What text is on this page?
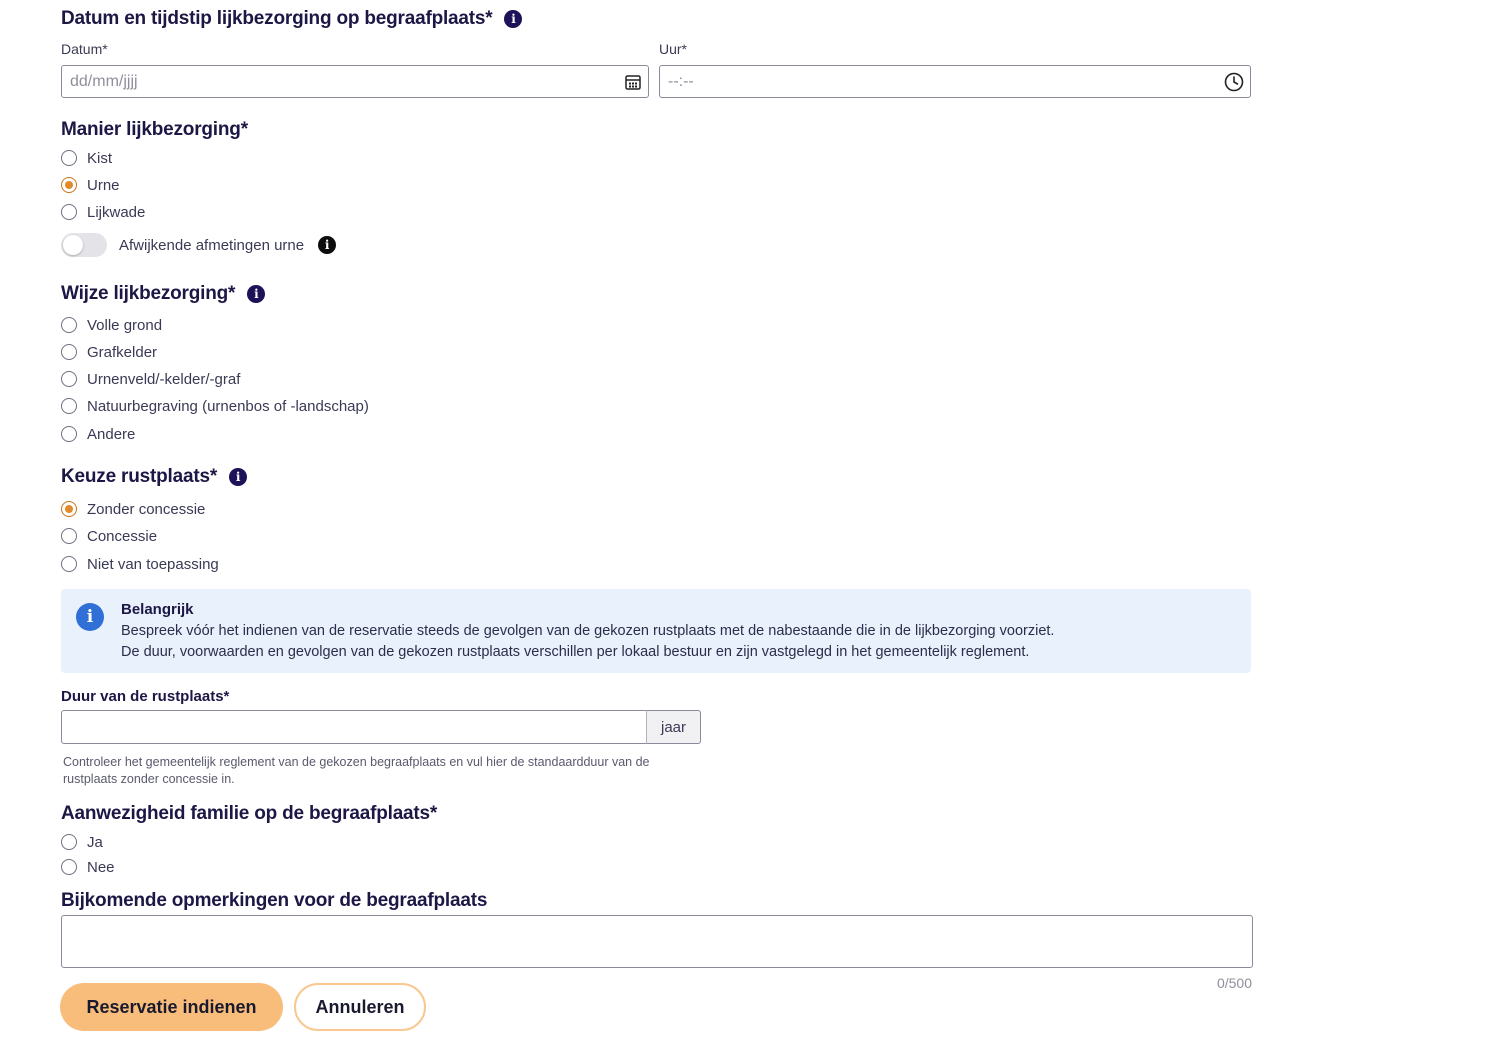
Datum en tijdstip lijkbezorging op begraafplaats*	i
Datum*
dd/mm/jjjj
Uur*
--:--
Manier lijkbezorging*
Kist
Urne
Lijkwade
Afwijkende afmetingen urne	i
Wijze lijkbezorging*	i
Volle grond
Grafkelder
Urnenveld/-kelder/-graf
Natuurbegraving (urnenbos of -landschap)
Andere
Keuze rustplaats*	i
Zonder concessie
Concessie
Niet van toepassing
i	Belangrijk
Bespreek vóór het indienen van de reservatie steeds de gevolgen van de gekozen rustplaats met de nabestaande die in de lijkbezorging voorziet.
De duur, voorwaarden en gevolgen van de gekozen rustplaats verschillen per lokaal bestuur en zijn vastgelegd in het gemeentelijk reglement.
Duur van de rustplaats*
jaar
Controleer het gemeentelijk reglement van de gekozen begraafplaats en vul hier de standaardduur van de rustplaats zonder concessie in.
Aanwezigheid familie op de begraafplaats*
Ja
Nee
Bijkomende opmerkingen voor de begraafplaats
0/500
Reservatie indienen	Annuleren
